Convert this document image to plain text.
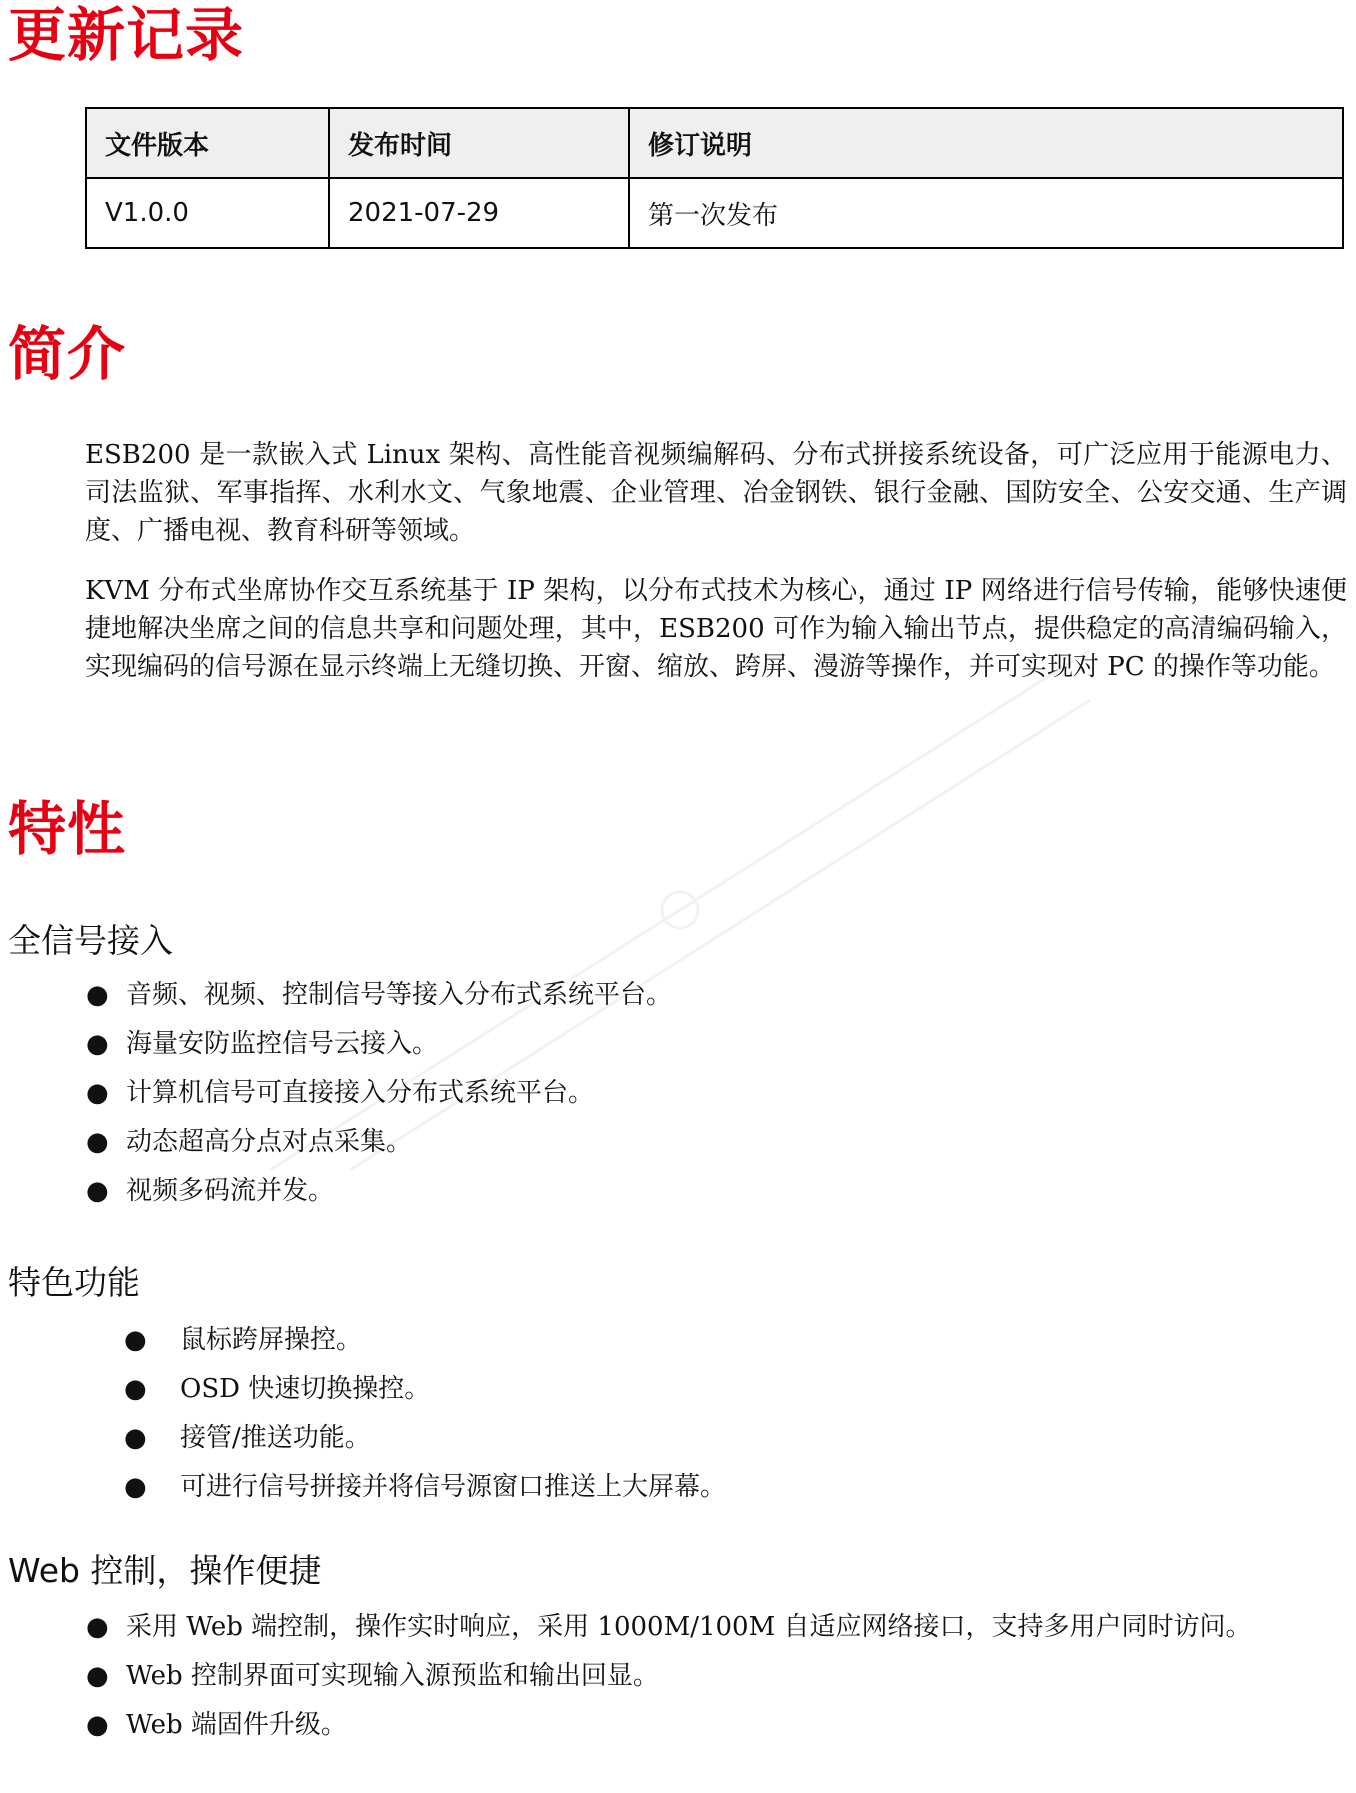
更新记录
文件版本	发布时间	修订说明
V1.0.0	2021-07-29	第一次发布
简介

ESB200 是一款嵌入式 Linux 架构、高性能音视频编解码、分布式拼接系统设备，可广泛应用于能源电力、司法监狱、军事指挥、水利水文、气象地震、企业管理、冶金钢铁、银行金融、国防安全、公安交通、生产调度、广播电视、教育科研等领域。

KVM 分布式坐席协作交互系统基于 IP 架构，以分布式技术为核心，通过 IP 网络进行信号传输，能够快速便捷地解决坐席之间的信息共享和问题处理，其中，ESB200 可作为输入输出节点，提供稳定的高清编码输入，实现编码的信号源在显示终端上无缝切换、开窗、缩放、跨屏、漫游等操作，并可实现对 PC 的操作等功能。

特性
全信号接入
● 音频、视频、控制信号等接入分布式系统平台。
● 海量安防监控信号云接入。
● 计算机信号可直接接入分布式系统平台。
● 动态超高分点对点采集。
● 视频多码流并发。
特色功能
● 鼠标跨屏操控。
● OSD 快速切换操控。
● 接管/推送功能。
● 可进行信号拼接并将信号源窗口推送上大屏幕。
Web 控制，操作便捷
● 采用 Web 端控制，操作实时响应，采用 1000M/100M 自适应网络接口，支持多用户同时访问。
● Web 控制界面可实现输入源预监和输出回显。
● Web 端固件升级。
